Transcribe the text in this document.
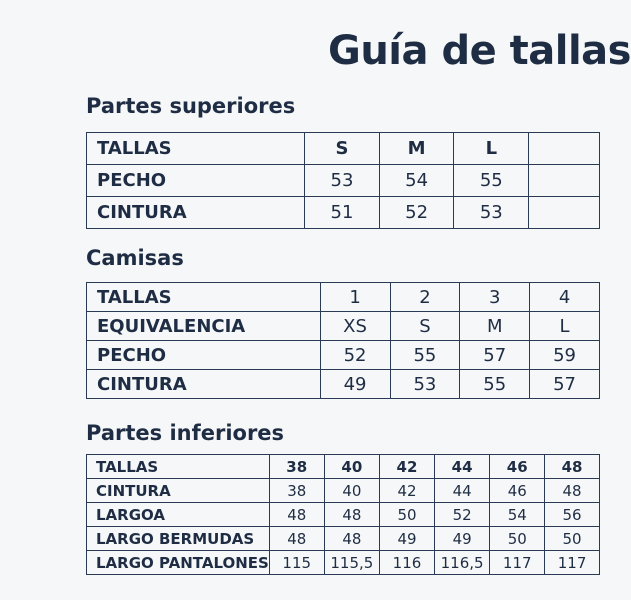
Guía de tallas
Partes superiores
TALLAS	S	M	L	
PECHO	53	54	55	
CINTURA	51	52	53	
Camisas
TALLAS	1	2	3	4
EQUIVALENCIA	XS	S	M	L
PECHO	52	55	57	59
CINTURA	49	53	55	57
Partes inferiores
TALLAS	38	40	42	44	46	48
CINTURA	38	40	42	44	46	48
LARGOA	48	48	50	52	54	56
LARGO BERMUDAS	48	48	49	49	50	50
LARGO PANTALONES	115	115,5	116	116,5	117	117
